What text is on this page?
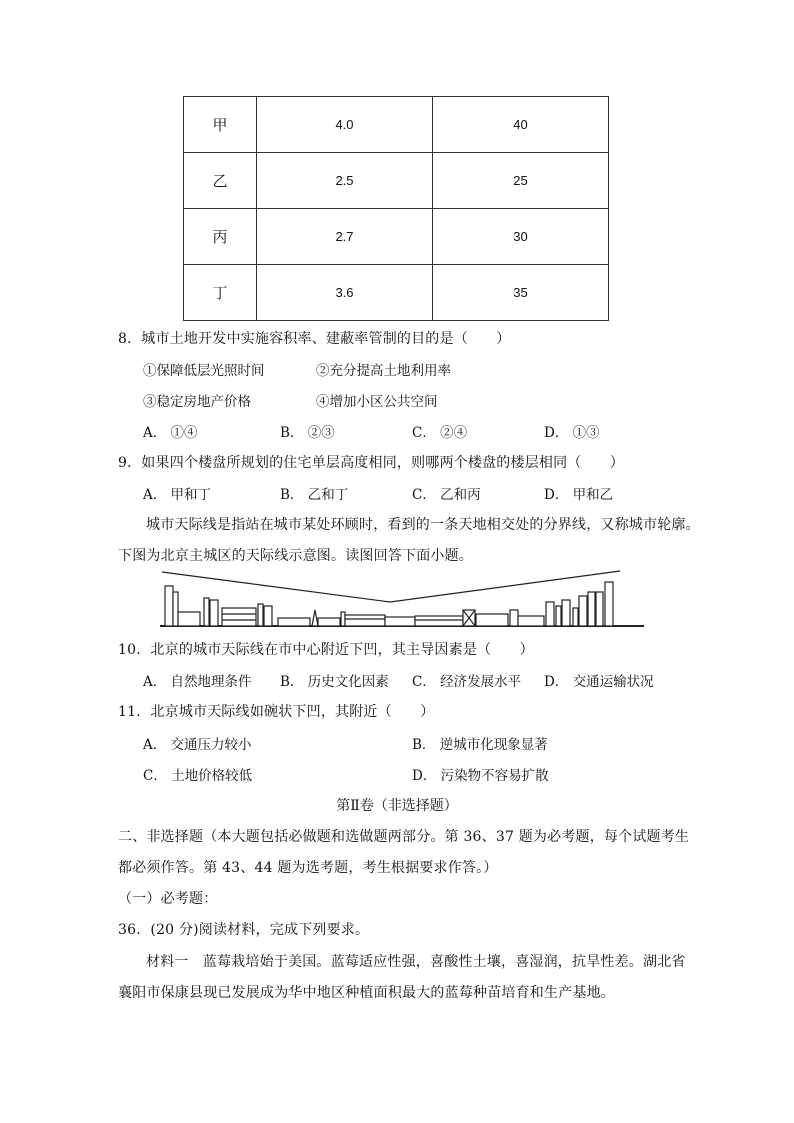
甲	4.0	40
乙	2.5	25
丙	2.7	30
丁	3.6	35
8．城市土地开发中实施容积率、建蔽率管制的目的是（　　）
①保障低层光照时间	②充分提高土地利用率
③稳定房地产价格	④增加小区公共空间
A． ①④	B． ②③	C． ②④	D． ①③
9．如果四个楼盘所规划的住宅单层高度相同，则哪两个楼盘的楼层相同（　　）
A． 甲和丁	B． 乙和丁	C． 乙和丙	D． 甲和乙
城市天际线是指站在城市某处环顾时，看到的一条天地相交处的分界线，又称城市轮廓。
下图为北京主城区的天际线示意图。读图回答下面小题。
10．北京的城市天际线在市中心附近下凹，其主导因素是（　　）
A． 自然地理条件 B． 历史文化因素 C． 经济发展水平 D． 交通运输状况
11．北京城市天际线如碗状下凹，其附近（　　）
A． 交通压力较小	B． 逆城市化现象显著
C． 土地价格较低	D． 污染物不容易扩散
第Ⅱ卷（非选择题）
二、非选择题（本大题包括必做题和选做题两部分。第 36、37 题为必考题，每个试题考生
都必须作答。第 43、44 题为选考题，考生根据要求作答。）
（一）必考题：
36．(20 分)阅读材料，完成下列要求。
材料一　蓝莓栽培始于美国。蓝莓适应性强，喜酸性土壤，喜湿润，抗旱性差。湖北省
襄阳市保康县现已发展成为华中地区种植面积最大的蓝莓种苗培育和生产基地。
